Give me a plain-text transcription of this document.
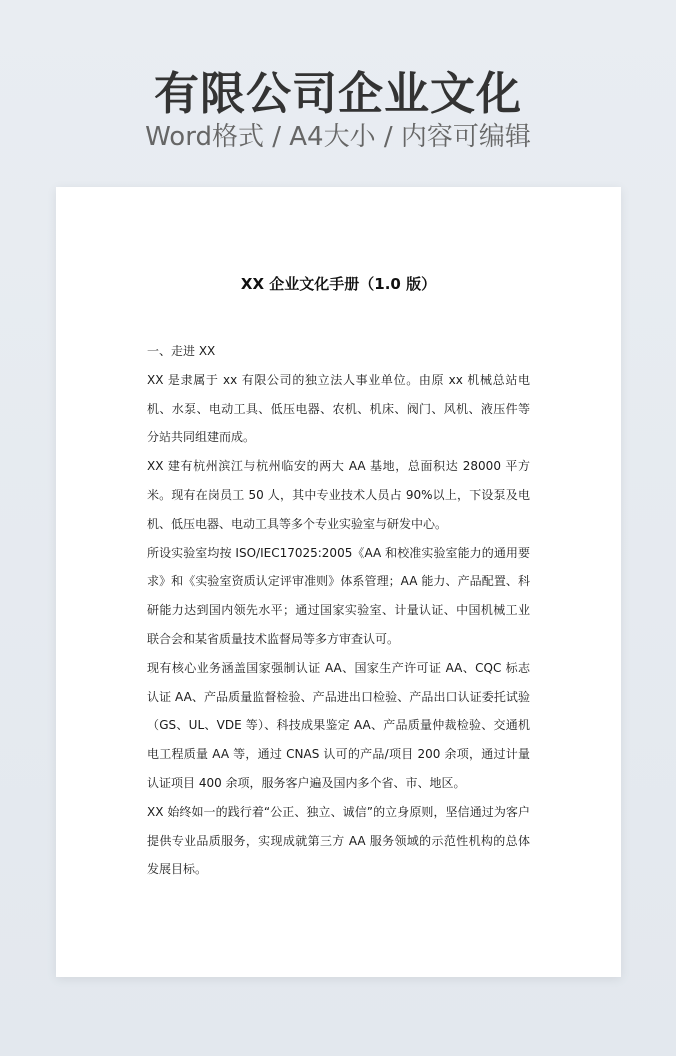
有限公司企业文化
Word格式 / A4大小 / 内容可编辑
XX 企业文化手册（1.0 版）

一、走进 XX

XX 是隶属于 xx 有限公司的独立法人事业单位。由原 xx 机械总站电机、水泵、电动工具、低压电器、农机、机床、阀门、风机、液压件等分站共同组建而成。

XX 建有杭州滨江与杭州临安的两大 AA 基地，总面积达 28000 平方米。现有在岗员工 50 人，其中专业技术人员占 90%以上，下设泵及电机、低压电器、电动工具等多个专业实验室与研发中心。

所设实验室均按 ISO/IEC17025:2005《AA 和校准实验室能力的通用要求》和《实验室资质认定评审准则》体系管理；AA 能力、产品配置、科研能力达到国内领先水平；通过国家实验室、计量认证、中国机械工业联合会和某省质量技术监督局等多方审查认可。

现有核心业务涵盖国家强制认证 AA、国家生产许可证 AA、CQC 标志认证 AA、产品质量监督检验、产品进出口检验、产品出口认证委托试验（GS、UL、VDE 等）、科技成果鉴定 AA、产品质量仲裁检验、交通机电工程质量 AA 等，通过 CNAS 认可的产品/项目 200 余项，通过计量认证项目 400 余项，服务客户遍及国内多个省、市、地区。

XX 始终如一的践行着“公正、独立、诚信”的立身原则，坚信通过为客户提供专业品质服务，实现成就第三方 AA 服务领域的示范性机构的总体发展目标。
